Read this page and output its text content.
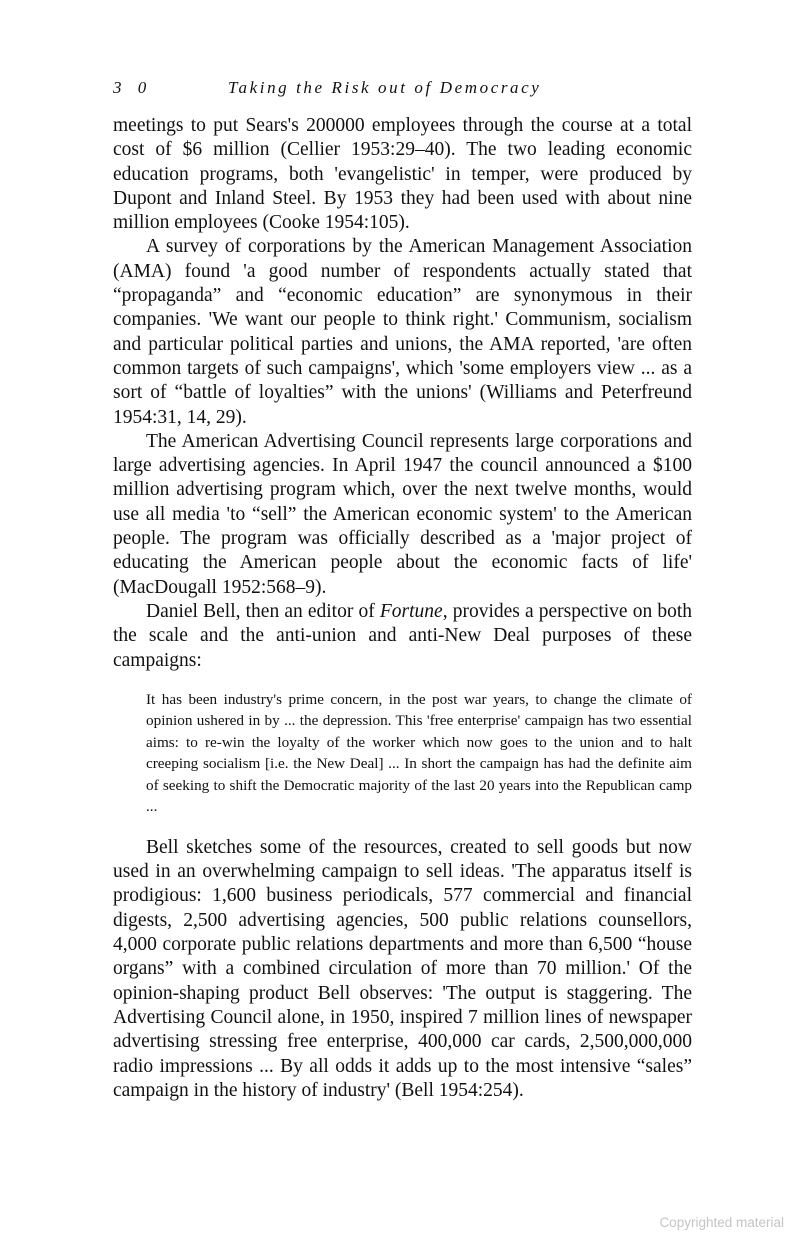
3 0	Taking the Risk out of Democracy

meetings to put Sears's 200000 employees through the course at a total cost of $6 million (Cellier 1953:29–40). The two leading economic education programs, both 'evangelistic' in temper, were produced by Dupont and Inland Steel. By 1953 they had been used with about nine million employees (Cooke 1954:105).

A survey of corporations by the American Management Association (AMA) found 'a good number of respondents actually stated that “propaganda” and “economic education” are synonymous in their companies. 'We want our people to think right.' Communism, socialism and particular political parties and unions, the AMA reported, 'are often common targets of such campaigns', which 'some employers view ... as a sort of “battle of loyalties” with the unions' (Williams and Peterfreund 1954:31, 14, 29).

The American Advertising Council represents large corporations and large advertising agencies. In April 1947 the council announced a $100 million advertising program which, over the next twelve months, would use all media 'to “sell” the American economic system' to the American people. The program was officially described as a 'major project of educating the American people about the economic facts of life' (MacDougall 1952:568–9).

Daniel Bell, then an editor of Fortune, provides a perspective on both the scale and the anti-union and anti-New Deal purposes of these campaigns:

It has been industry's prime concern, in the post war years, to change the climate of opinion ushered in by ... the depression. This 'free enterprise' campaign has two essential aims: to re-win the loyalty of the worker which now goes to the union and to halt creeping socialism [i.e. the New Deal] ... In short the campaign has had the definite aim of seeking to shift the Democratic majority of the last 20 years into the Republican camp ...

Bell sketches some of the resources, created to sell goods but now used in an overwhelming campaign to sell ideas. 'The apparatus itself is prodigious: 1,600 business periodicals, 577 commercial and financial digests, 2,500 advertising agencies, 500 public relations counsellors, 4,000 corporate public relations departments and more than 6,500 “house organs” with a combined circulation of more than 70 million.' Of the opinion-shaping product Bell observes: 'The output is staggering. The Advertising Council alone, in 1950, inspired 7 million lines of newspaper advertising stressing free enterprise, 400,000 car cards, 2,500,000,000 radio impressions ... By all odds it adds up to the most intensive “sales” campaign in the history of industry' (Bell 1954:254).

Copyrighted material
